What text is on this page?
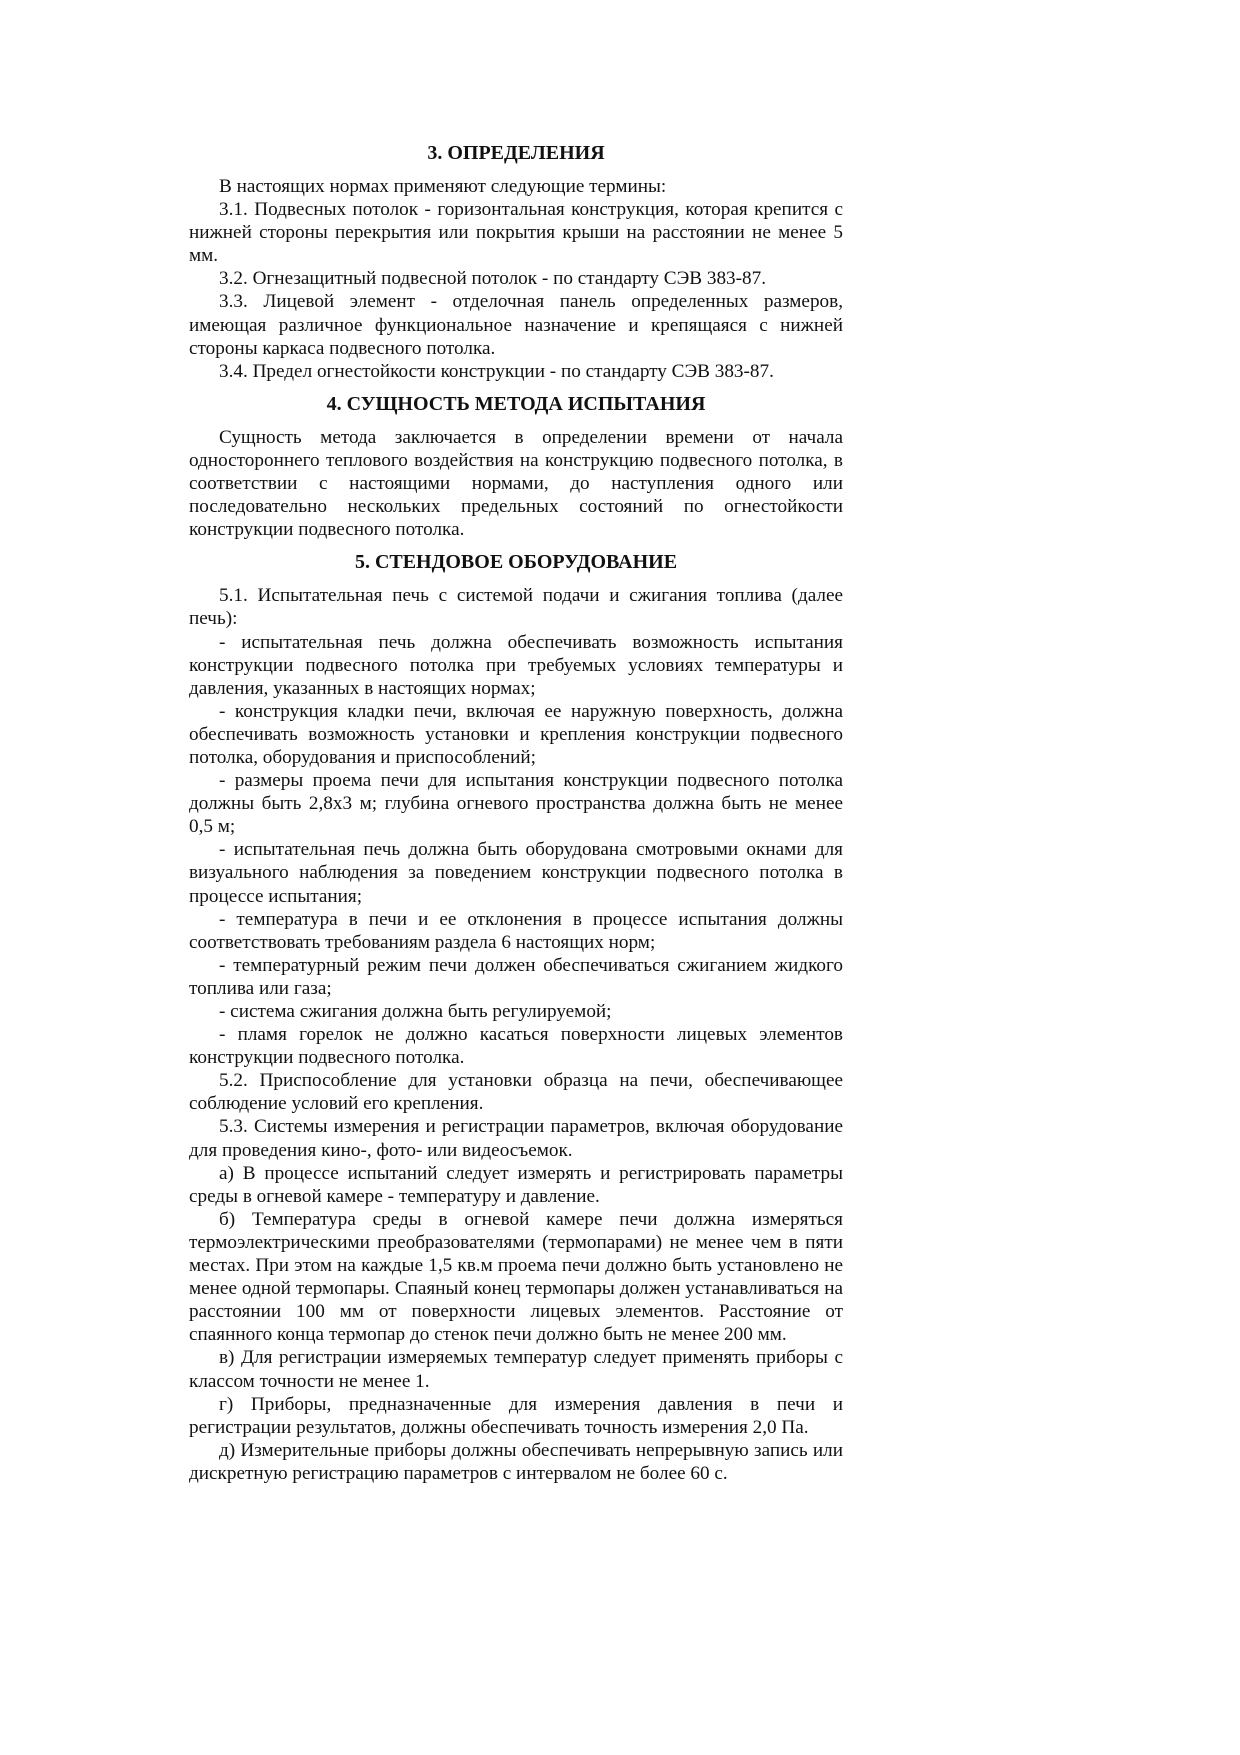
3. ОПРЕДЕЛЕНИЯ

В настоящих нормах применяют следующие термины:

3.1. Подвесных потолок - горизонтальная конструкция, которая крепится с нижней стороны перекрытия или покрытия крыши на расстоянии не менее 5 мм.

3.2. Огнезащитный подвесной потолок - по стандарту СЭВ 383-87.

3.3. Лицевой элемент - отделочная панель определенных размеров, имеющая различное функциональное назначение и крепящаяся с нижней стороны каркаса подвесного потолка.

3.4. Предел огнестойкости конструкции - по стандарту СЭВ 383-87.

4. СУЩНОСТЬ МЕТОДА ИСПЫТАНИЯ

Сущность метода заключается в определении времени от начала одностороннего теплового воздействия на конструкцию подвесного потолка, в соответствии с настоящими нормами, до наступления одного или последовательно нескольких предельных состояний по огнестойкости конструкции подвесного потолка.

5. СТЕНДОВОЕ ОБОРУДОВАНИЕ

5.1. Испытательная печь с системой подачи и сжигания топлива (далее печь):

- испытательная печь должна обеспечивать возможность испытания конструкции подвесного потолка при требуемых условиях температуры и давления, указанных в настоящих нормах;

- конструкция кладки печи, включая ее наружную поверхность, должна обеспечивать возможность установки и крепления конструкции подвесного потолка, оборудования и приспособлений;

- размеры проема печи для испытания конструкции подвесного потолка должны быть 2,8х3 м; глубина огневого пространства должна быть не менее 0,5 м;

- испытательная печь должна быть оборудована смотровыми окнами для визуального наблюдения за поведением конструкции подвесного потолка в процессе испытания;

- температура в печи и ее отклонения в процессе испытания должны соответствовать требованиям раздела 6 настоящих норм;

- температурный режим печи должен обеспечиваться сжиганием жидкого топлива или газа;

- система сжигания должна быть регулируемой;

- пламя горелок не должно касаться поверхности лицевых элементов конструкции подвесного потолка.

5.2. Приспособление для установки образца на печи, обеспечивающее соблюдение условий его крепления.

5.3. Системы измерения и регистрации параметров, включая оборудование для проведения кино-, фото- или видеосъемок.

а) В процессе испытаний следует измерять и регистрировать параметры среды в огневой камере - температуру и давление.

б) Температура среды в огневой камере печи должна измеряться термоэлектрическими преобразователями (термопарами) не менее чем в пяти местах. При этом на каждые 1,5 кв.м проема печи должно быть установлено не менее одной термопары. Спаяный конец термопары должен устанавливаться на расстоянии 100 мм от поверхности лицевых элементов. Расстояние от спаянного конца термопар до стенок печи должно быть не менее 200 мм.

в) Для регистрации измеряемых температур следует применять приборы с классом точности не менее 1.

г) Приборы, предназначенные для измерения давления в печи и регистрации результатов, должны обеспечивать точность измерения 2,0 Па.

д) Измерительные приборы должны обеспечивать непрерывную запись или дискретную регистрацию параметров с интервалом не более 60 с.
